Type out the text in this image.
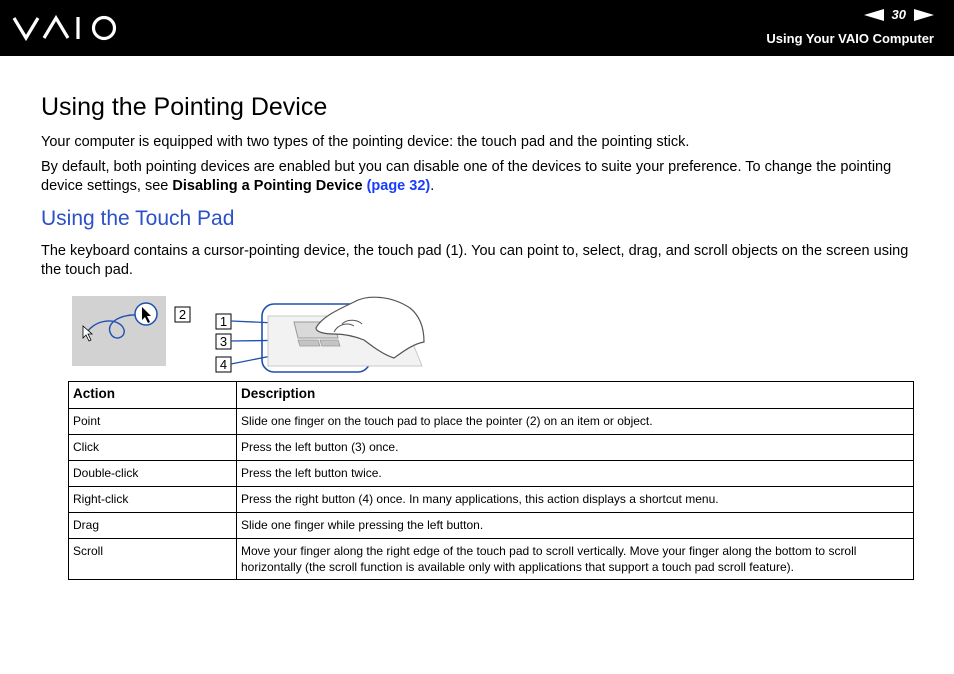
30
Using Your VAIO Computer
Using the Pointing Device

Your computer is equipped with two types of the pointing device: the touch pad and the pointing stick.

By default, both pointing devices are enabled but you can disable one of the devices to suite your preference. To change the pointing device settings, see Disabling a Pointing Device (page 32).

Using the Touch Pad

The keyboard contains a cursor-pointing device, the touch pad (1). You can point to, select, drag, and scroll objects on the screen using the touch pad.

2	1
3
4
Action	Description
Point	Slide one finger on the touch pad to place the pointer (2) on an item or object.
Click	Press the left button (3) once.
Double-click	Press the left button twice.
Right-click	Press the right button (4) once. In many applications, this action displays a shortcut menu.
Drag	Slide one finger while pressing the left button.
Scroll	Move your finger along the right edge of the touch pad to scroll vertically. Move your finger along the bottom to scroll horizontally (the scroll function is available only with applications that support a touch pad scroll feature).
